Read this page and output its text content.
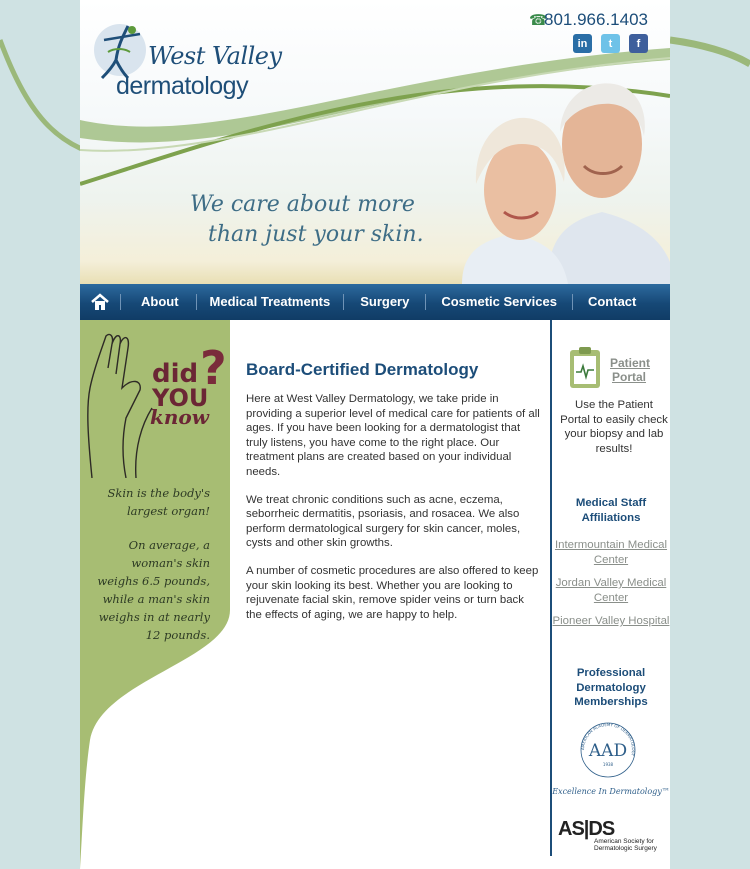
West Valley
dermatology
☎801.966.1403
in t f
We care about more
than just your skin.
About	Medical Treatments	Surgery	Cosmetic Services	Contact
did
YOU
know
?
Skin is the body's largest organ!
On average, a woman's skin weighs 6.5 pounds, while a man's skin weighs in at nearly 12 pounds.
Board-Certified Dermatology

Here at West Valley Dermatology, we take pride in providing a superior level of medical care for patients of all ages. If you have been looking for a dermatologist that truly listens, you have come to the right place. Our treatment plans are created based on your individual needs.

We treat chronic conditions such as acne, eczema, seborrheic dermatitis, psoriasis, and rosacea. We also perform dermatological surgery for skin cancer, moles, cysts and other skin growths.

A number of cosmetic procedures are also offered to keep your skin looking its best. Whether you are looking to rejuvenate facial skin, remove spider veins or turn back the effects of aging, we are happy to help.

Patient
Portal
Use the Patient Portal to easily check your biopsy and lab results!
Medical Staff Affiliations
Intermountain Medical Center
Jordan Valley Medical Center
Pioneer Valley Hospital
Professional Dermatology Memberships
AMERICAN ACADEMY OF DERMATOLOGY
AAD
1938
Excellence In Dermatology™
AS|DS
American Society for
Dermatologic Surgery
